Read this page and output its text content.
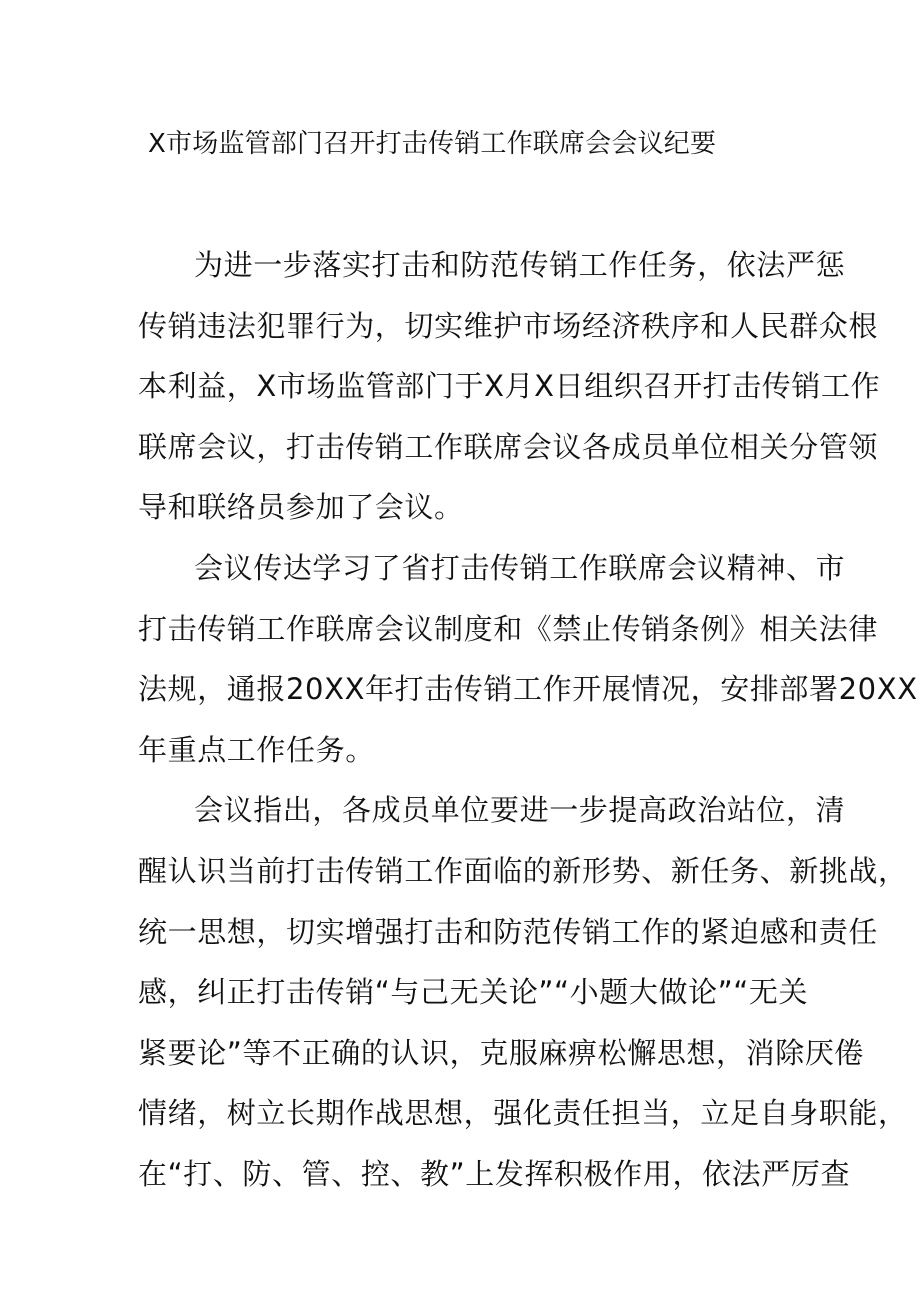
X市场监管部门召开打击传销工作联席会会议纪要
为进一步落实打击和防范传销工作任务，依法严惩
传销违法犯罪行为，切实维护市场经济秩序和人民群众根
本利益，X市场监管部门于X月X日组织召开打击传销工作
联席会议，打击传销工作联席会议各成员单位相关分管领
导和联络员参加了会议。
会议传达学习了省打击传销工作联席会议精神、市
打击传销工作联席会议制度和《禁止传销条例》相关法律
法规，通报20XX年打击传销工作开展情况，安排部署20XX
年重点工作任务。
会议指出，各成员单位要进一步提高政治站位，清
醒认识当前打击传销工作面临的新形势、新任务、新挑战，
统一思想，切实增强打击和防范传销工作的紧迫感和责任
感，纠正打击传销“与己无关论”“小题大做论”“无关
紧要论”等不正确的认识，克服麻痹松懈思想，消除厌倦
情绪，树立长期作战思想，强化责任担当，立足自身职能，
在“打、防、管、控、教”上发挥积极作用，依法严厉查
